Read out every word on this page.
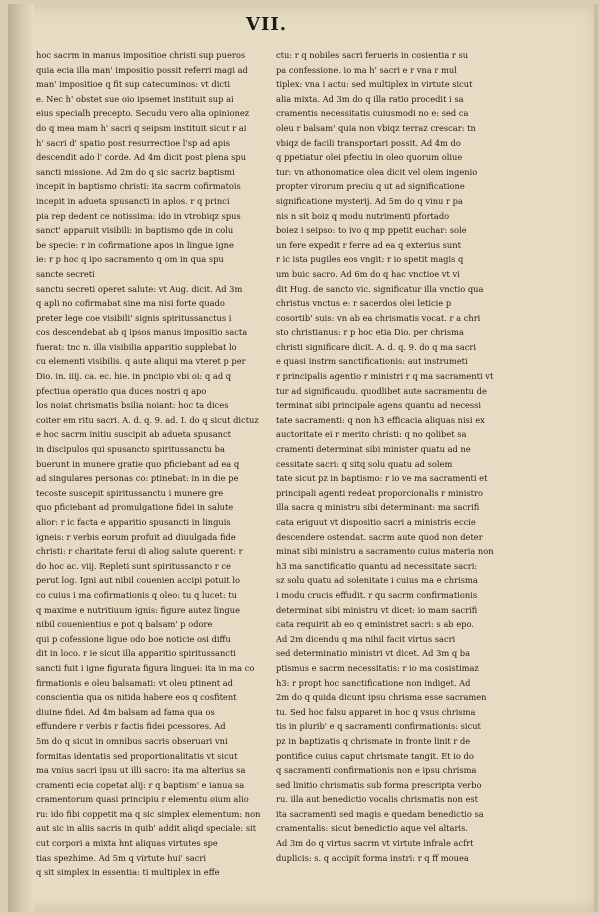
VII.
hoc sacrm in manus impositioe christi sup pueros
quia ecia illa man' impositio possit referri magi ad
man' impositioe q fit sup catecuminos: vt dicti
e. Nec h' obstet sue oio ipsemet instituit sup ai
eius specialh precepto. Secudu vero alia opinionez
do q mea mam h' sacri q seipsm instituit sicut r ai
h' sacri d' spatio post resurrectioe l'sp ad apis
descendit ado l' corde. Ad 4m dicit post plena spu
sancti missione. Ad 2m do q sic sacriz baptismi
incepit in baptismo christi: ita sacrm cofirmatois
incepit in adueta spusancti in aplos. r q princi
pia rep dedent ce notissima: ido in vtrobiqz spus
sanct' apparuit visibili: in baptismo qde in colu
be specie: r in cofirmatione apos in lingue igne
ie: r p hoc q ipo sacramento q om in qua spu
sancte secreti
sanctu secreti operet salute: vt Aug. dicit. Ad 3m
q apli no cofirmabat sine ma nisi forte quado
preter lege coe visibili' signis spiritussanctus i
cos descendebat ab q ipsos manus impositio sacta
fuerat: tnc n. illa visibilia apparitio supplebat lo
cu elementi visibilis. q aute aliqui ma vteret p per
Dio. in. iiij. ca. ec. hie. in pncipio vbi oi: q ad q
pfectiua operatio qua duces nostri q apo
los noiat chrismatis bsilia noiant: hoc ta dices
coiter em ritu sacri. A. d. q. 9. ad. I. do q sicut dictuz
e hoc sacrm initiu suscipit ab adueta spusanct
in discipulos qui spusancto spiritussanctu ba
buerunt in munere gratie quo pficiebant ad ea q
ad singulares personas co: ptinebat: in in die pe
tecoste suscepit spiritussanctu i munere gre
quo pficiebant ad promulgatione fidei in salute
alior: r ic facta e apparitio spusancti in linguis
igneis: r verbis eorum profuit ad diuulgada fide
christi: r charitate ferui di aliog salute querent: r
do hoc ac. viij. Repleti sunt spiritussancto r ce
perut log. Igni aut nibil couenien accipi potuit lo
co cuius i ma cofirmationis q oleo: tu q lucet: tu
q maxime e nutritiuum ignis: figure autez lingue
nibil couenientius e pot q balsam' p odore
qui p cofessione ligue odo boe noticie osi diffu
dit in loco. r ie sicut illa apparitio spiritussancti
sancti fuit i igne figurata figura linguei: ita in ma co
firmationis e oleu balsamati: vt oleu ptinent ad
conscientia qua os nitida habere eos q cosfitent
diuine fidei. Ad 4m balsam ad fama qua os
effundere r verbis r factis fidei pcessores. Ad
5m do q sicut in omnibus sacris obseruari vni
formitas identatis sed proportionalitatis vt sicut
ma vnius sacri ipsu ut illi sacro: ita ma alterius sa
cramenti ecia copetat alij: r q baptism' e ianua sa
cramentorum quasi principiu r elementu oium alio
ru: ido fibi coppetit ma q sic simplex elementum: non
aut sic in aliis sacris in quib' addit aliqd speciale: sit
cut corpori a mixta hnt aliquas virtutes spe
tias spezhime. Ad 5m q virtute hui' sacri
q sit simplex in essentia: ti multiplex in effe
ctu: r q nobiles sacri ferueris in cosientia r su
pa confessione. io ma h' sacri e r vna r mul
tiplex: vna i actu: sed multiplex in virtute sicut
alia mixta. Ad 3m do q illa ratio procedit i sa
cramentis necessitatis cuiusmodi no e: sed ca
oleu r balsam' quia non vbiqz terraz crescar: tn
vbiqz de facili transportari possit. Ad 4m do
q ppetiatur olei pfectiu in oleo quorum oliue
tur: vn athonomatice olea dicit vel olem ingenio
propter virorum preciu q ut ad significatione
significatione mysterij. Ad 5m do q vinu r pa
nis n sit boiz q modu nutrimenti pfortado
boiez i seipso: to ivo q mp ppetit euchar: sole
un fere expedit r ferre ad ea q exterius sunt
r ic ista pugiles eos vngit: r io spetit magis q
um buic sacro. Ad 6m do q hac vnctioe vt vi
dit Hug. de sancto vic. significatur illa vnctio qua
christus vnctus e: r sacerdos olei leticie p
cosortib' suis: vn ab ea chrismatis vocat. r a chri
sto christianus: r p hoc etia Dio. per chrisma
christi significare dicit. A. d. q. 9. do q ma sacri
e quasi instrm sanctificationis: aut instrumeti
r principalis agentio r ministri r q ma sacramenti vt
tur ad significaudu. quodlibet aute sacramentu de
terminat sibi principale agens quantu ad necessi
tate sacramenti: q non h3 efficacia aliquas nisi ex
auctoritate ei r merito christi: q no qolibet sa
cramenti determinat sibi minister quatu ad ne
cessitate sacri: q sitq solu quatu ad solem
tate sicut pz in baptismo: r io ve ma sacramenti et
principali agenti redeat proporcionalis r ministro
illa sacra q ministru sibi determinant: ma sacrifi
cata eriguut vt dispositio sacri a ministris eccie
descendere ostendat. sacrm aute quod non deter
minat sibi ministru a sacramento cuius materia non
h3 ma sanctificatio quantu ad necessitate sacri:
sz solu quatu ad solenitate i cuius ma e chrisma
i modu crucis effudit. r qu sacrm confirmationis
determinat sibi ministru vt dicet: io mam sacrifi
cata requirit ab eo q eministret sacri: s ab epo.
Ad 2m dicendu q ma nihil facit virtus sacri
sed determinatio ministri vt dicet. Ad 3m q ba
ptismus e sacrm necessitatis: r io ma cosistimaz
h3: r propt hoc sanctificatione non indiget. Ad
2m do q quida dicunt ipsu chrisma esse sacramen
tu. Sed hoc falsu apparet in hoc q vsus chrisma
tis in plurib' e q sacramenti confirmationis: sicut
pz in baptizatis q chrismate in fronte linit r de
pontifice cuius caput chrismate tangit. Et io do
q sacramenti confirmationis non e ipsu chrisma
sed linitio chrismatis sub forma prescripta verbo
ru. illa aut benedictio vocalis chrismatis non est
ita sacramenti sed magis e quedam benedictio sa
cramentalis: sicut benedictio aque vel altaris.
Ad 3m do q virtus sacrm vt virtute infrale acfrt
duplicis: s. q accipit forma instri: r q ff mouea
